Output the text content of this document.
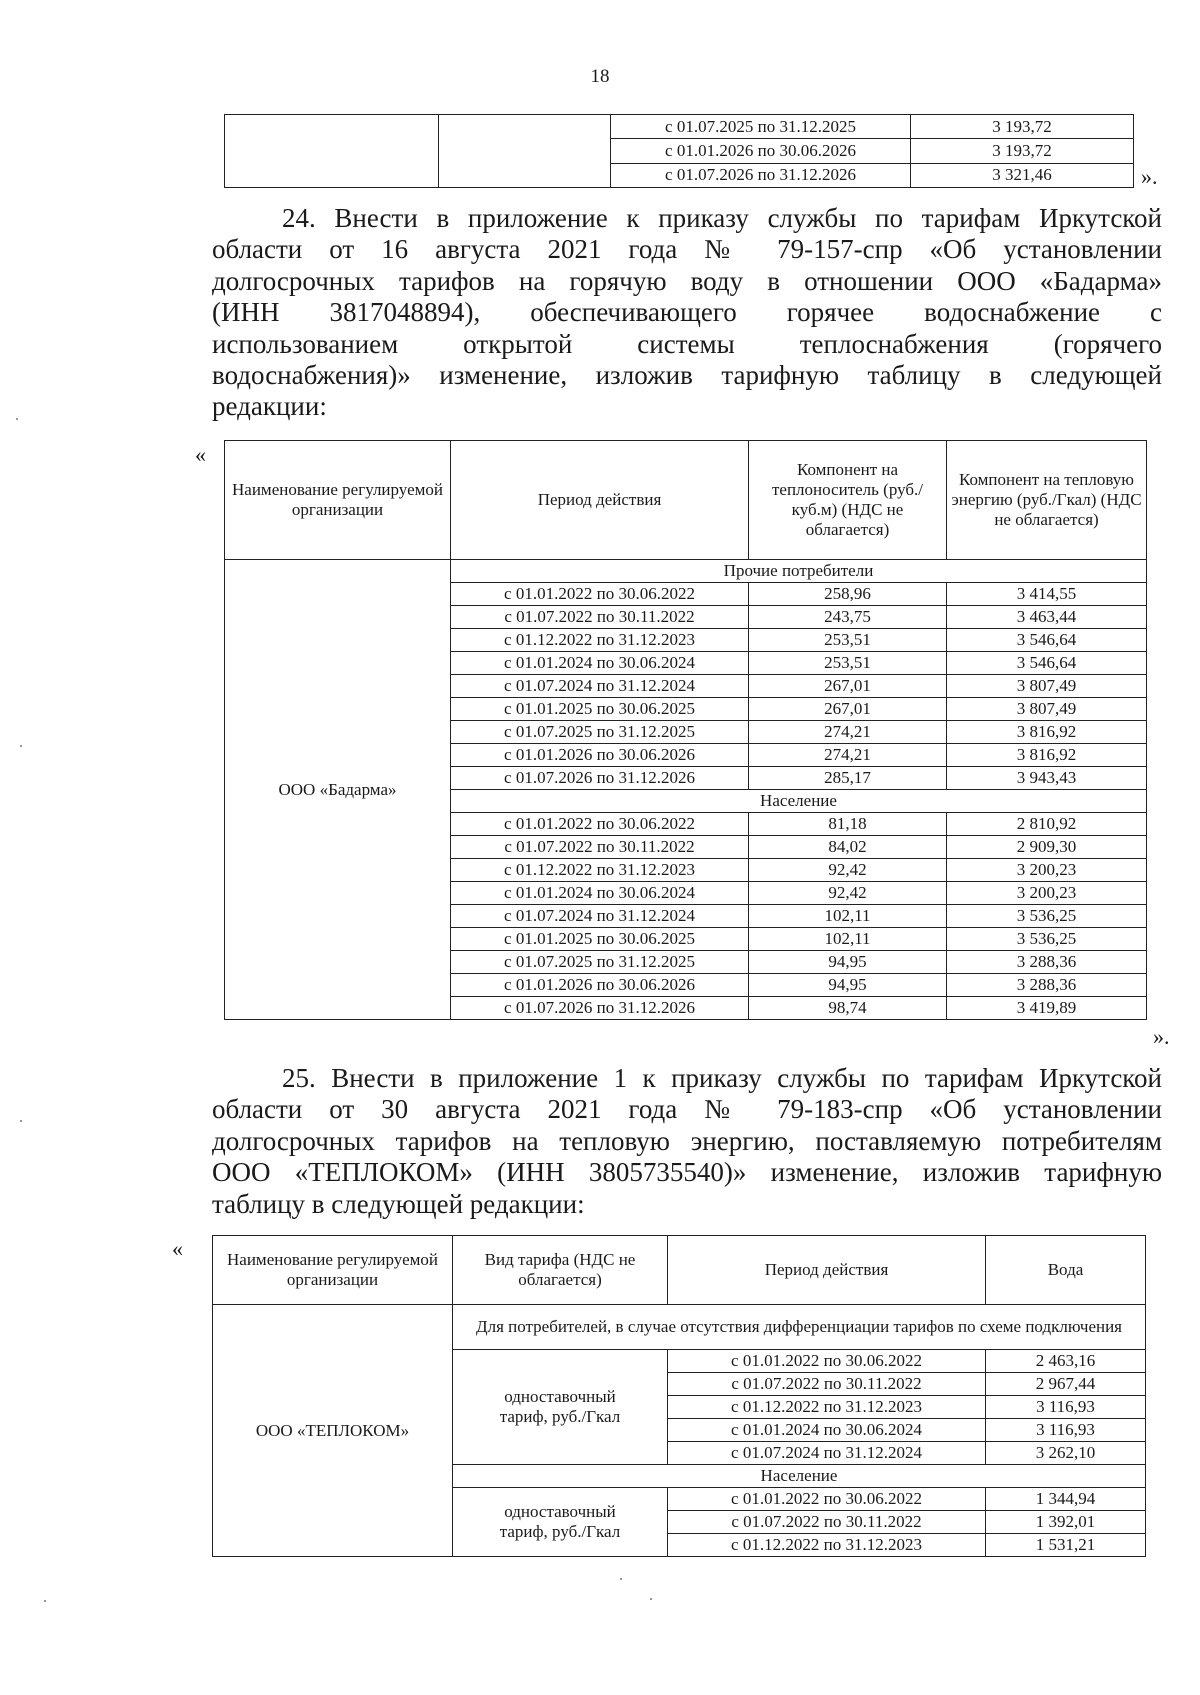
18
		с 01.07.2025 по 31.12.2025	3 193,72
		с 01.01.2026 по 30.06.2026	3 193,72
		с 01.07.2026 по 31.12.2026	3 321,46	».

24. Внести в приложение к приказу службы по тарифам Иркутской

области от 16 августа 2021 года № 79-157-спр «Об установлении

долгосрочных тарифов на горячую воду в отношении ООО «Бадарма»

(ИНН 3817048894), обеспечивающего горячее водоснабжение с

использованием открытой системы теплоснабжения (горячего

водоснабжения)» изменение, изложив тарифную таблицу в следующей

редакции:

«
Наименование регулируемой организации	Период действия	Компонент на теплоноситель (руб./куб.м) (НДС не облагается)	Компонент на тепловую энергию (руб./Гкал) (НДС не облагается)
ООО «Бадарма»	Прочие потребители		
	с 01.01.2022 по 30.06.2022	258,96	3 414,55
	с 01.07.2022 по 30.11.2022	243,75	3 463,44
	с 01.12.2022 по 31.12.2023	253,51	3 546,64
	с 01.01.2024 по 30.06.2024	253,51	3 546,64
	с 01.07.2024 по 31.12.2024	267,01	3 807,49
	с 01.01.2025 по 30.06.2025	267,01	3 807,49
	с 01.07.2025 по 31.12.2025	274,21	3 816,92
	с 01.01.2026 по 30.06.2026	274,21	3 816,92
	с 01.07.2026 по 31.12.2026	285,17	3 943,43
	Население		
	с 01.01.2022 по 30.06.2022	81,18	2 810,92
	с 01.07.2022 по 30.11.2022	84,02	2 909,30
	с 01.12.2022 по 31.12.2023	92,42	3 200,23
	с 01.01.2024 по 30.06.2024	92,42	3 200,23
	с 01.07.2024 по 31.12.2024	102,11	3 536,25
	с 01.01.2025 по 30.06.2025	102,11	3 536,25
	с 01.07.2025 по 31.12.2025	94,95	3 288,36
	с 01.01.2026 по 30.06.2026	94,95	3 288,36
	с 01.07.2026 по 31.12.2026	98,74	3 419,89
».

25. Внести в приложение 1 к приказу службы по тарифам Иркутской

области от 30 августа 2021 года № 79-183-спр «Об установлении

долгосрочных тарифов на тепловую энергию, поставляемую потребителям

ООО «ТЕПЛОКОМ» (ИНН 3805735540)» изменение, изложив тарифную

таблицу в следующей редакции:

«	Наименование регулируемой организации	Вид тарифа (НДС не облагается)	Период действия	Вода
ООО «ТЕПЛОКОМ»	Для потребителей, в случае отсутствия дифференциации тарифов по схеме подключения		
	одноставочный тариф, руб./Гкал	с 01.01.2022 по 30.06.2022	2 463,16
		с 01.07.2022 по 30.11.2022	2 967,44
		с 01.12.2022 по 31.12.2023	3 116,93
		с 01.01.2024 по 30.06.2024	3 116,93
		с 01.07.2024 по 31.12.2024	3 262,10
	Население		
	одноставочный тариф, руб./Гкал	с 01.01.2022 по 30.06.2022	1 344,94
		с 01.07.2022 по 30.11.2022	1 392,01
		с 01.12.2022 по 31.12.2023	1 531,21
